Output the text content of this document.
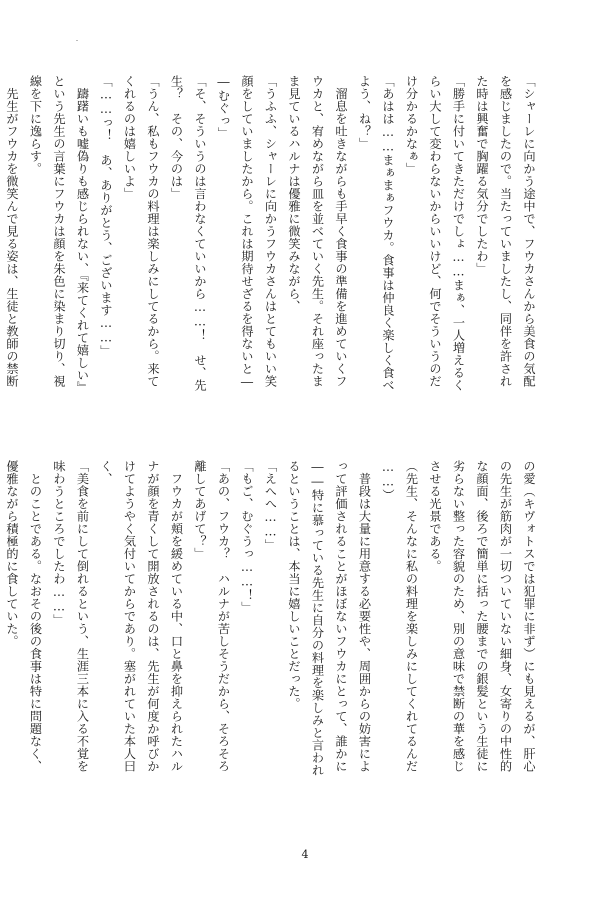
「シャーレに向かう途中で、フウカさんから美食の気配
を感じましたので。当たっていましたし、同伴を許され
た時は興奮で胸躍る気分でしたわ」
「勝手に付いてきただけでしょ……まぁ、一人増えるく
らい大して変わらないからいいけど、何でそういうのだ
け分かるかなぁ」
「あはは……まぁまぁフウカ。食事は仲良く楽しく食べ
よう、ね？」
　溜息を吐きながらも手早く食事の準備を進めていくフ
ウカと、宥めながら皿を並べていく先生。それ座ったま
ま見ているハルナは優雅に微笑みながら、
「うふふ、シャーレに向かうフウカさんはとてもいい笑
顔をしていましたから。これは期待せざるを得ないと―
―むぐっ」
「そ、そういうのは言わなくていいから……！　せ、先
生？　その、今のは」
「うん、私もフウカの料理は楽しみにしてるから。来て
くれるのは嬉しいよ」
「……っ！　あ、ありがとう、ございます……」
　躊躇いも嘘偽りも感じられない、『来てくれて嬉しい』
という先生の言葉にフウカは顔を朱色に染まり切り、視
線を下に逸らす。
　先生がフウカを微笑んで見る姿は、生徒と教師の禁断
の愛（キヴォトスでは犯罪に非ず）にも見えるが、肝心
の先生が筋肉が一切ついていない細身、女寄りの中性的
な顔面、後ろで簡単に括った腰までの銀髪という生徒に
劣らない整った容貌のため、別の意味で禁断の華を感じ
させる光景である。
（先生、そんなに私の料理を楽しみにしてくれてるんだ
……）
　普段は大量に用意する必要性や、周囲からの妨害によ
って評価されることがほぼないフウカにとって、誰かに
――特に慕っている先生に自分の料理を楽しみと言われ
るということは、本当に嬉しいことだった。
「えへへ……」
「もご、むぐうっ……！」
「あの、フウカ？　ハルナが苦しそうだから、そろそろ
離してあげて？」
　フウカが頬を緩めている中、口と鼻を抑えられたハル
ナが顔を青くして開放されるのは、先生が何度か呼びか
けてようやく気付いてからであり。塞がれていた本人曰
く、
「美食を前にして倒れるという、生涯三本に入る不覚を
味わうところでしたわ……」
　とのことである。なおその後の食事は特に問題なく、
優雅ながら積極的に食していた。
4
